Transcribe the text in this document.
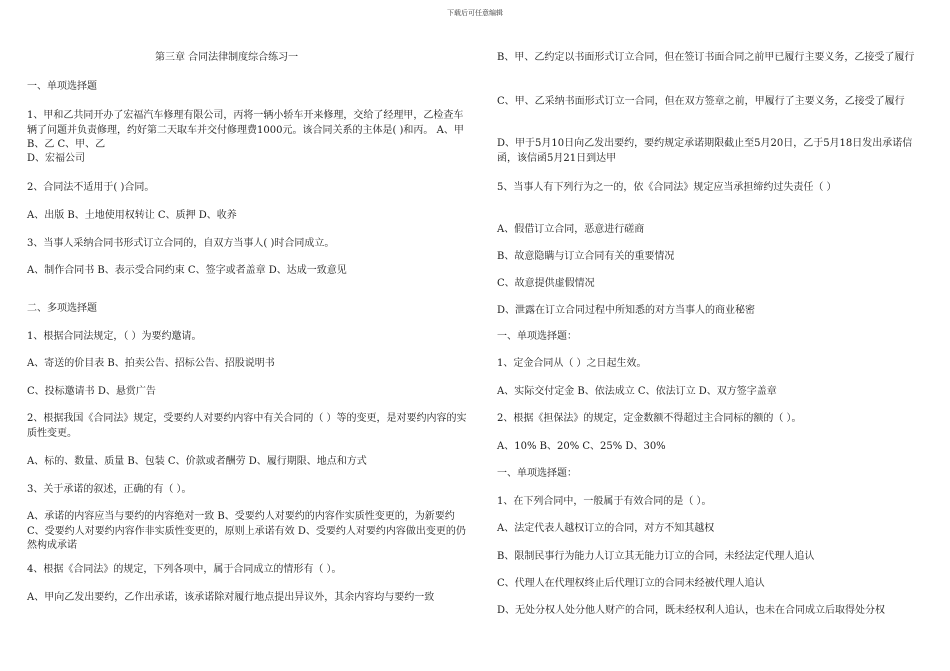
下载后可任意编辑

第三章 合同法律制度综合练习一

一、单项选择题

1、甲和乙共同开办了宏福汽车修理有限公司，丙将一辆小轿车开来修理，交给了经理甲，乙检查车辆了问题并负责修理，约好第二天取车并交付修理费1000元。该合同关系的主体是( )和丙。 A、甲 B、乙 C、甲、乙

D、宏福公司

2、合同法不适用于( )合同。

A、出版 B、土地使用权转让 C、质押 D、收养

3、当事人采纳合同书形式订立合同的，自双方当事人( )时合同成立。

A、制作合同书 B、表示受合同约束 C、签字或者盖章 D、达成一致意见

二、多项选择题

1、根据合同法规定，（ ）为要约邀请。

A、寄送的价目表 B、拍卖公告、招标公告、招股说明书

C、投标邀请书 D、悬赏广告

2、根据我国《合同法》规定，受要约人对要约内容中有关合同的（ ）等的变更，是对要约内容的实质性变更。

A、标的、数量、质量 B、包装 C、价款或者酬劳 D、履行期限、地点和方式

3、关于承诺的叙述，正确的有（ ）。

A、承诺的内容应当与要约的内容绝对一致 B、受要约人对要约的内容作实质性变更的，为新要约 C、受要约人对要约内容作非实质性变更的，原则上承诺有效 D、受要约人对要约内容做出变更的仍然构成承诺

4、根据《合同法》的规定，下列各项中，属于合同成立的情形有（ ）。

A、甲向乙发出要约，乙作出承诺，该承诺除对履行地点提出异议外，其余内容均与要约一致

B、甲、乙约定以书面形式订立合同，但在签订书面合同之前甲已履行主要义务，乙接受了履行

C、甲、乙采纳书面形式订立一合同，但在双方签章之前，甲履行了主要义务，乙接受了履行

D、甲于5月10日向乙发出要约，要约规定承诺期限截止至5月20日，乙于5月18日发出承诺信函，该信函5月21日到达甲

5、当事人有下列行为之一的，依《合同法》规定应当承担缔约过失责任（ ）

A、假借订立合同，恶意进行磋商

B、故意隐瞒与订立合同有关的重要情况

C、故意提供虚假情况

D、泄露在订立合同过程中所知悉的对方当事人的商业秘密

一、单项选择题：

1、定金合同从（ ）之日起生效。

A、实际交付定金 B、依法成立 C、依法订立 D、双方签字盖章

2、根据《担保法》的规定，定金数额不得超过主合同标的额的（ ）。

A、10% B、20% C、25% D、30%

一、单项选择题：

1、在下列合同中，一般属于有效合同的是（ ）。

A、法定代表人越权订立的合同，对方不知其越权

B、限制民事行为能力人订立其无能力订立的合同，未经法定代理人追认

C、代理人在代理权终止后代理订立的合同未经被代理人追认

D、无处分权人处分他人财产的合同，既未经权利人追认，也未在合同成立后取得处分权
